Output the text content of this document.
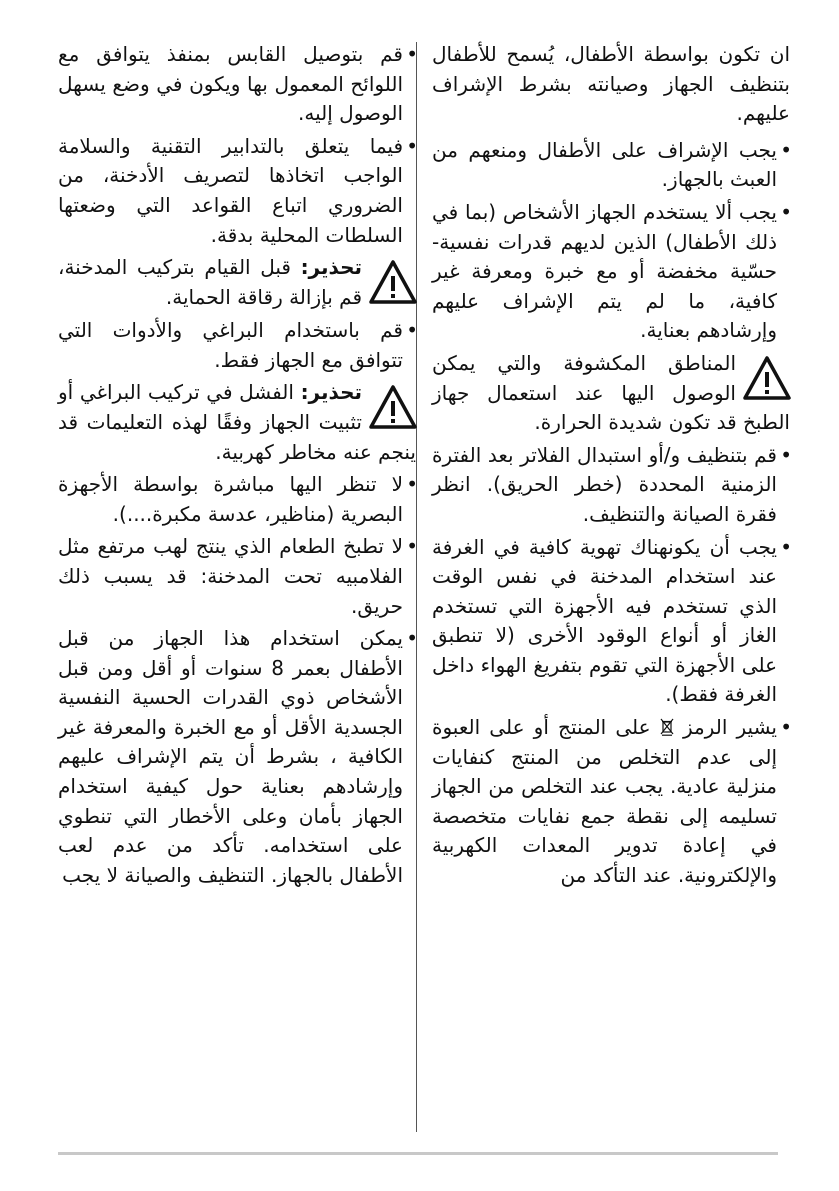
ان تكون بواسطة الأطفال، يُسمح للأطفال بتنظيف الجهاز وصيانته بشرط الإشراف عليهم.

• يجب الإشراف على الأطفال ومنعهم من العبث بالجهاز.

• يجب ألا يستخدم الجهاز الأشخاص (بما في ذلك الأطفال) الذين لديهم قدرات نفسية-حسّية مخفضة أو مع خبرة ومعرفة غير كافية، ما لم يتم الإشراف عليهم وإرشادهم بعناية.

المناطق المكشوفة والتي يمكن الوصول اليها عند استعمال جهاز الطبخ قد تكون شديدة الحرارة.

• قم بتنظيف و/أو استبدال الفلاتر بعد الفترة الزمنية المحددة (خطر الحريق). انظر فقرة الصيانة والتنظيف.

• يجب أن يكونهناك تهوية كافية في الغرفة عند استخدام المدخنة في نفس الوقت الذي تستخدم فيه الأجهزة التي تستخدم الغاز أو أنواع الوقود الأخرى (لا تنطبق على الأجهزة التي تقوم بتفريغ الهواء داخل الغرفة فقط).

• يشير الرمز  على المنتج أو على العبوة إلى عدم التخلص من المنتج كنفايات منزلية عادية. يجب عند التخلص من الجهاز تسليمه إلى نقطة جمع نفايات متخصصة في إعادة تدوير المعدات الكهربية والإلكترونية. عند التأكد من

• قم بتوصيل القابس بمنفذ يتوافق مع اللوائح المعمول بها ويكون في وضع يسهل الوصول إليه.

• فيما يتعلق بالتدابير التقنية والسلامة الواجب اتخاذها لتصريف الأدخنة، من الضروري اتباع القواعد التي وضعتها السلطات المحلية بدقة.

تحذير: قبل القيام بتركيب المدخنة، قم بإزالة رقاقة الحماية.

• قم باستخدام البراغي والأدوات التي تتوافق مع الجهاز فقط.

تحذير: الفشل في تركيب البراغي أو تثبيت الجهاز وفقًا لهذه التعليمات قد ينجم عنه مخاطر كهربية.

• لا تنظر اليها مباشرة بواسطة الأجهزة البصرية (مناظير، عدسة مكبرة....).

• لا تطبخ الطعام الذي ينتج لهب مرتفع مثل الفلامبيه تحت المدخنة: قد يسبب ذلك حريق.

• يمكن استخدام هذا الجهاز من قبل الأطفال بعمر 8 سنوات أو أقل ومن قبل الأشخاص ذوي القدرات الحسية النفسية الجسدية الأقل أو مع الخبرة والمعرفة غير الكافية ، بشرط أن يتم الإشراف عليهم وإرشادهم بعناية حول كيفية استخدام الجهاز بأمان وعلى الأخطار التي تنطوي على استخدامه. تأكد من عدم لعب الأطفال بالجهاز. التنظيف والصيانة لا يجب
